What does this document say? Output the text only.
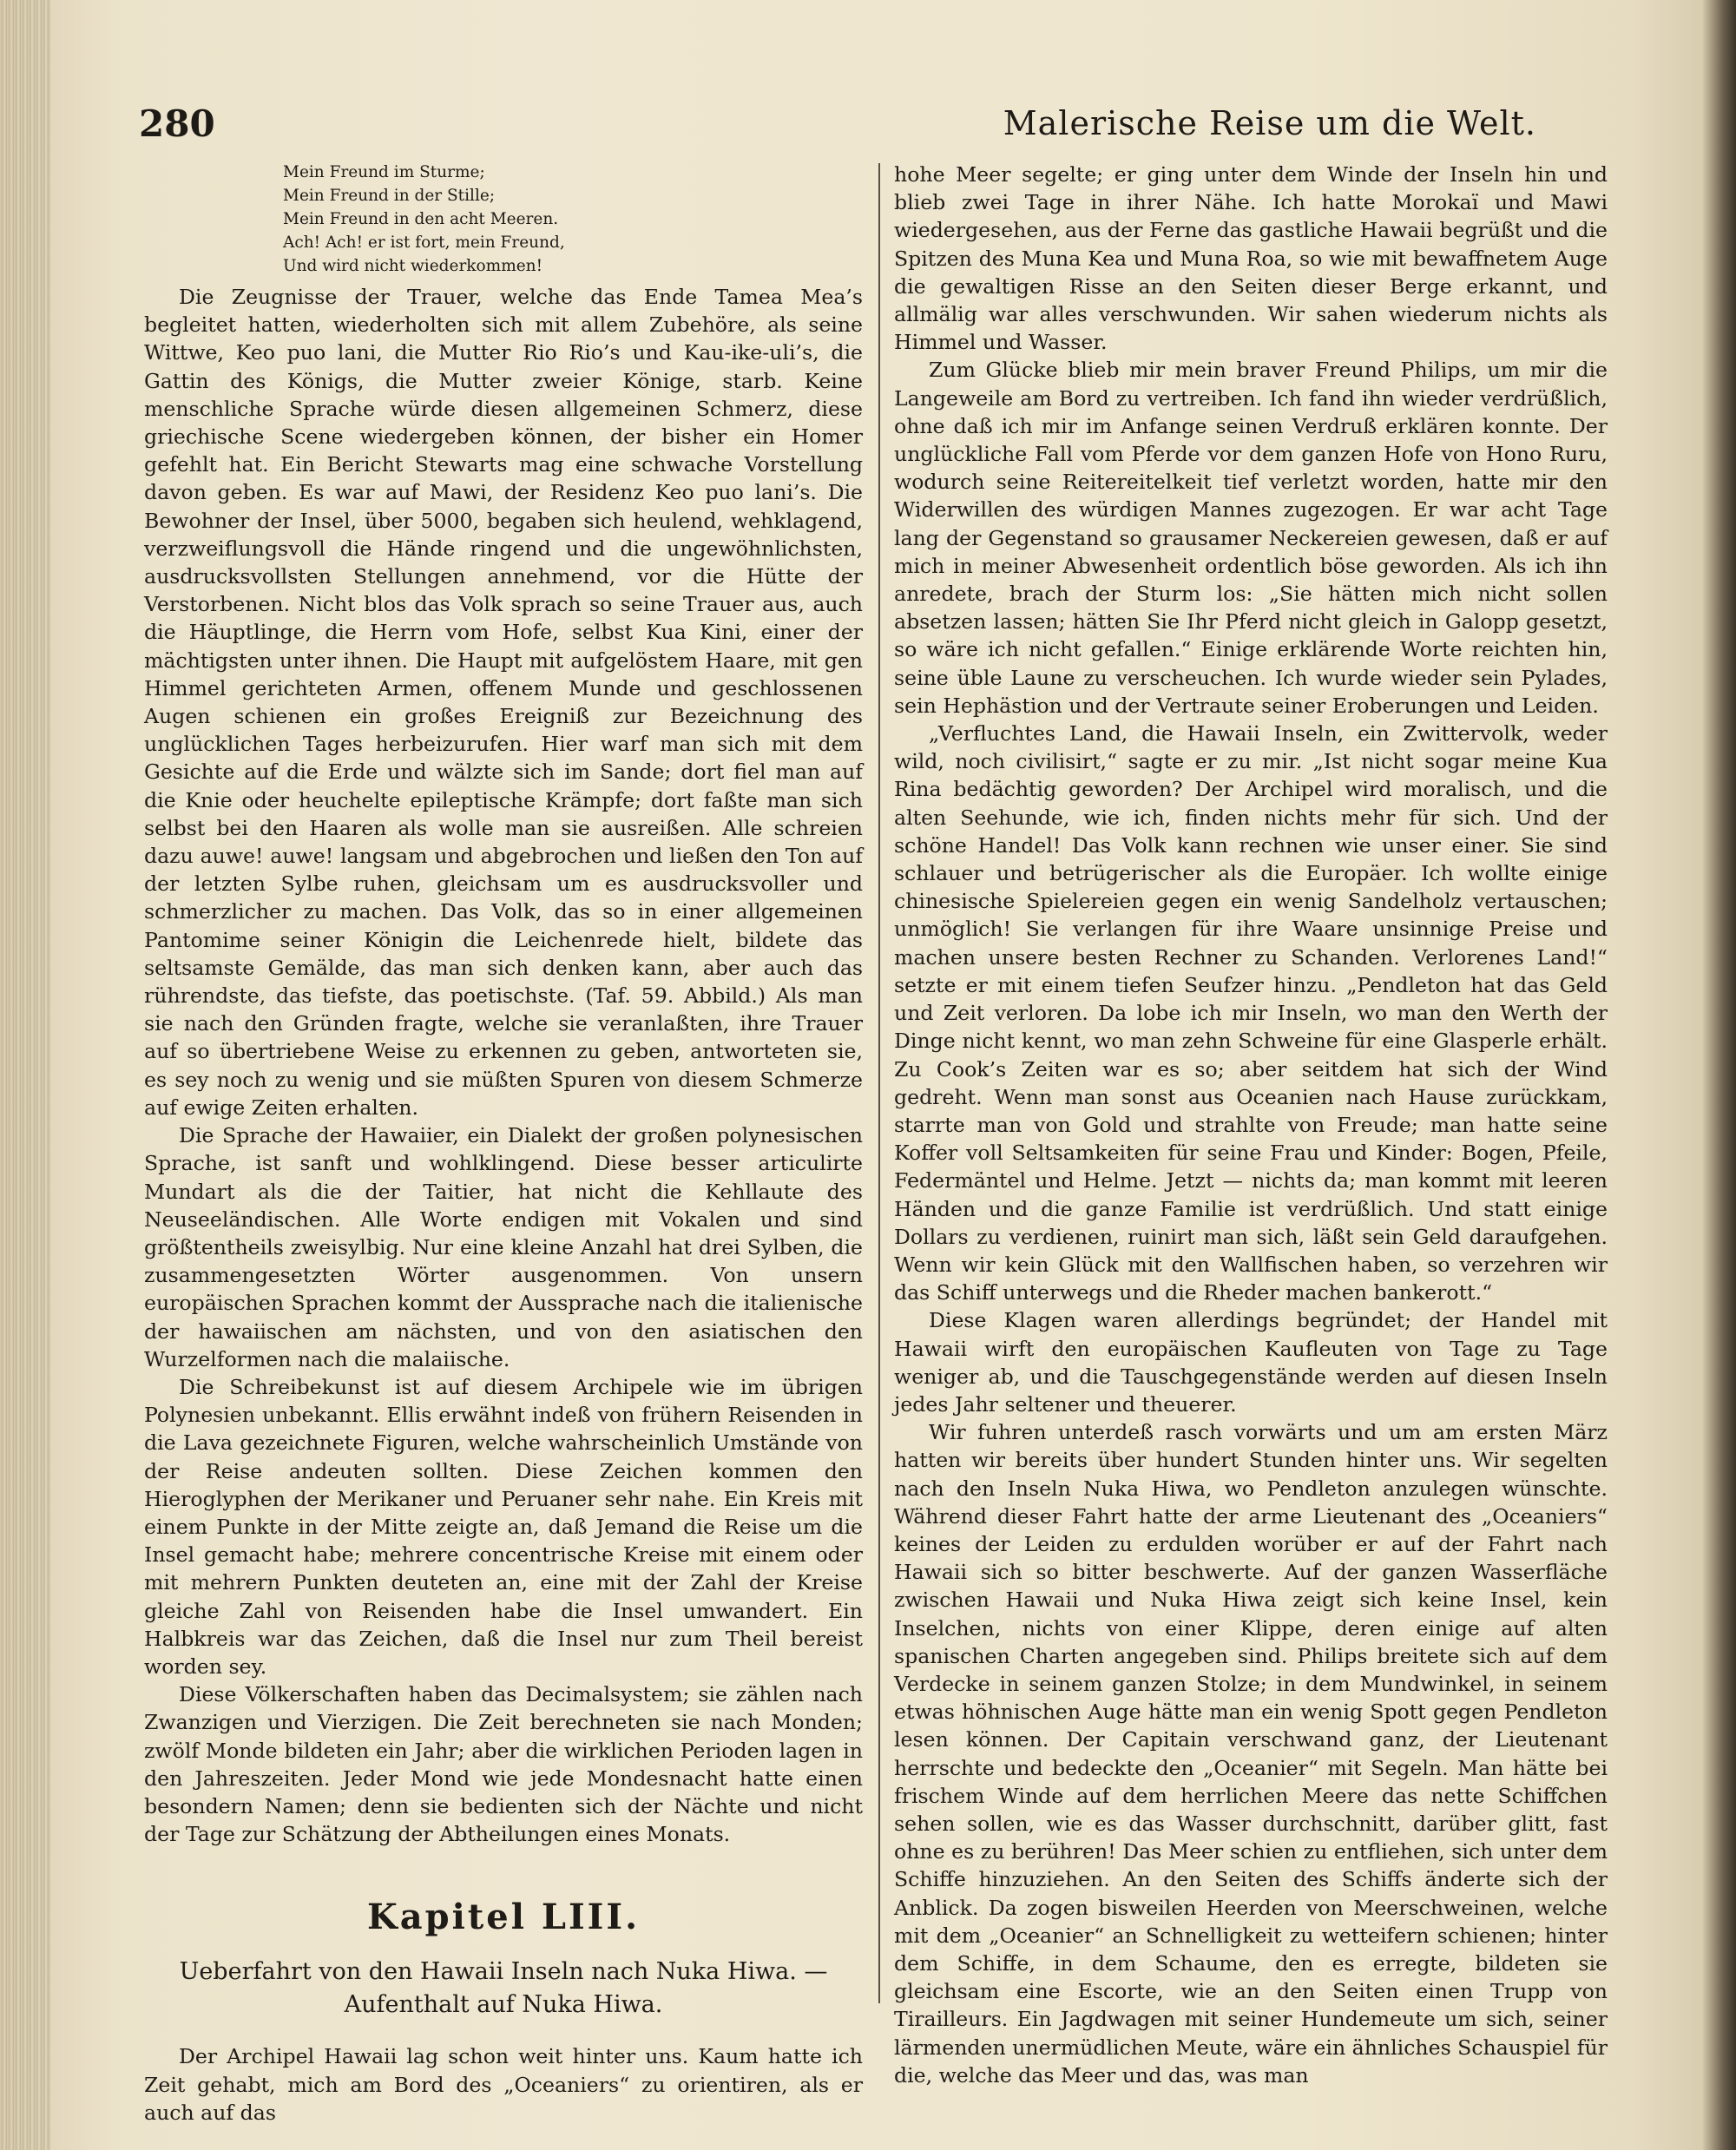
280	Malerische Reise um die Welt.
Mein Freund im Sturme;
Mein Freund in der Stille;
Mein Freund in den acht Meeren.
Ach! Ach! er ist fort, mein Freund,
Und wird nicht wiederkommen!

Die Zeugnisse der Trauer, welche das Ende Tamea Mea’s begleitet hatten, wiederholten sich mit allem Zubehöre, als seine Wittwe, Keo puo lani, die Mutter Rio Rio’s und Kau-ike-uli’s, die Gattin des Königs, die Mutter zweier Könige, starb. Keine menschliche Sprache würde diesen allgemeinen Schmerz, diese griechische Scene wiedergeben können, der bisher ein Homer gefehlt hat. Ein Bericht Stewarts mag eine schwache Vorstellung davon geben. Es war auf Mawi, der Residenz Keo puo lani’s. Die Bewohner der Insel, über 5000, begaben sich heulend, wehklagend, verzweiflungsvoll die Hände ringend und die ungewöhnlichsten, ausdrucksvollsten Stellungen annehmend, vor die Hütte der Verstorbenen. Nicht blos das Volk sprach so seine Trauer aus, auch die Häuptlinge, die Herrn vom Hofe, selbst Kua Kini, einer der mächtigsten unter ihnen. Die Haupt mit aufgelöstem Haare, mit gen Himmel gerichteten Armen, offenem Munde und geschlossenen Augen schienen ein großes Ereigniß zur Bezeichnung des unglücklichen Tages herbeizurufen. Hier warf man sich mit dem Gesichte auf die Erde und wälzte sich im Sande; dort fiel man auf die Knie oder heuchelte epileptische Krämpfe; dort faßte man sich selbst bei den Haaren als wolle man sie ausreißen. Alle schreien dazu auwe! auwe! langsam und abgebrochen und ließen den Ton auf der letzten Sylbe ruhen, gleichsam um es ausdrucksvoller und schmerzlicher zu machen. Das Volk, das so in einer allgemeinen Pantomime seiner Königin die Leichenrede hielt, bildete das seltsamste Gemälde, das man sich denken kann, aber auch das rührendste, das tiefste, das poetischste. (Taf. 59. Abbild.) Als man sie nach den Gründen fragte, welche sie veranlaßten, ihre Trauer auf so übertriebene Weise zu erkennen zu geben, antworteten sie, es sey noch zu wenig und sie müßten Spuren von diesem Schmerze auf ewige Zeiten erhalten.

Die Sprache der Hawaiier, ein Dialekt der großen polynesischen Sprache, ist sanft und wohlklingend. Diese besser articulirte Mundart als die der Taitier, hat nicht die Kehllaute des Neuseeländischen. Alle Worte endigen mit Vokalen und sind größtentheils zweisylbig. Nur eine kleine Anzahl hat drei Sylben, die zusammengesetzten Wörter ausgenommen. Von unsern europäischen Sprachen kommt der Aussprache nach die italienische der hawaiischen am nächsten, und von den asiatischen den Wurzelformen nach die malaiische.

Die Schreibekunst ist auf diesem Archipele wie im übrigen Polynesien unbekannt. Ellis erwähnt indeß von frühern Reisenden in die Lava gezeichnete Figuren, welche wahrscheinlich Umstände von der Reise andeuten sollten. Diese Zeichen kommen den Hieroglyphen der Merikaner und Peruaner sehr nahe. Ein Kreis mit einem Punkte in der Mitte zeigte an, daß Jemand die Reise um die Insel gemacht habe; mehrere concentrische Kreise mit einem oder mit mehrern Punkten deuteten an, eine mit der Zahl der Kreise gleiche Zahl von Reisenden habe die Insel umwandert. Ein Halbkreis war das Zeichen, daß die Insel nur zum Theil bereist worden sey.

Diese Völkerschaften haben das Decimalsystem; sie zählen nach Zwanzigen und Vierzigen. Die Zeit berechneten sie nach Monden; zwölf Monde bildeten ein Jahr; aber die wirklichen Perioden lagen in den Jahreszeiten. Jeder Mond wie jede Mondesnacht hatte einen besondern Namen; denn sie bedienten sich der Nächte und nicht der Tage zur Schätzung der Abtheilungen eines Monats.

Kapitel LIII.
Ueberfahrt von den Hawaii Inseln nach Nuka Hiwa. — Aufenthalt auf Nuka Hiwa.

Der Archipel Hawaii lag schon weit hinter uns. Kaum hatte ich Zeit gehabt, mich am Bord des „Oceaniers“ zu orientiren, als er auch auf das

hohe Meer segelte; er ging unter dem Winde der Inseln hin und blieb zwei Tage in ihrer Nähe. Ich hatte Morokaï und Mawi wiedergesehen, aus der Ferne das gastliche Hawaii begrüßt und die Spitzen des Muna Kea und Muna Roa, so wie mit bewaffnetem Auge die gewaltigen Risse an den Seiten dieser Berge erkannt, und allmälig war alles verschwunden. Wir sahen wiederum nichts als Himmel und Wasser.

Zum Glücke blieb mir mein braver Freund Philips, um mir die Langeweile am Bord zu vertreiben. Ich fand ihn wieder verdrüßlich, ohne daß ich mir im Anfange seinen Verdruß erklären konnte. Der unglückliche Fall vom Pferde vor dem ganzen Hofe von Hono Ruru, wodurch seine Reitereitelkeit tief verletzt worden, hatte mir den Widerwillen des würdigen Mannes zugezogen. Er war acht Tage lang der Gegenstand so grausamer Neckereien gewesen, daß er auf mich in meiner Abwesenheit ordentlich böse geworden. Als ich ihn anredete, brach der Sturm los: „Sie hätten mich nicht sollen absetzen lassen; hätten Sie Ihr Pferd nicht gleich in Galopp gesetzt, so wäre ich nicht gefallen.“ Einige erklärende Worte reichten hin, seine üble Laune zu verscheuchen. Ich wurde wieder sein Pylades, sein Hephästion und der Vertraute seiner Eroberungen und Leiden.

„Verfluchtes Land, die Hawaii Inseln, ein Zwittervolk, weder wild, noch civilisirt,“ sagte er zu mir. „Ist nicht sogar meine Kua Rina bedächtig geworden? Der Archipel wird moralisch, und die alten Seehunde, wie ich, finden nichts mehr für sich. Und der schöne Handel! Das Volk kann rechnen wie unser einer. Sie sind schlauer und betrügerischer als die Europäer. Ich wollte einige chinesische Spielereien gegen ein wenig Sandelholz vertauschen; unmöglich! Sie verlangen für ihre Waare unsinnige Preise und machen unsere besten Rechner zu Schanden. Verlorenes Land!“ setzte er mit einem tiefen Seufzer hinzu. „Pendleton hat das Geld und Zeit verloren. Da lobe ich mir Inseln, wo man den Werth der Dinge nicht kennt, wo man zehn Schweine für eine Glasperle erhält. Zu Cook’s Zeiten war es so; aber seitdem hat sich der Wind gedreht. Wenn man sonst aus Oceanien nach Hause zurückkam, starrte man von Gold und strahlte von Freude; man hatte seine Koffer voll Seltsamkeiten für seine Frau und Kinder: Bogen, Pfeile, Federmäntel und Helme. Jetzt — nichts da; man kommt mit leeren Händen und die ganze Familie ist verdrüßlich. Und statt einige Dollars zu verdienen, ruinirt man sich, läßt sein Geld daraufgehen. Wenn wir kein Glück mit den Wallfischen haben, so verzehren wir das Schiff unterwegs und die Rheder machen bankerott.“

Diese Klagen waren allerdings begründet; der Handel mit Hawaii wirft den europäischen Kaufleuten von Tage zu Tage weniger ab, und die Tauschgegenstände werden auf diesen Inseln jedes Jahr seltener und theuerer.

Wir fuhren unterdeß rasch vorwärts und um am ersten März hatten wir bereits über hundert Stunden hinter uns. Wir segelten nach den Inseln Nuka Hiwa, wo Pendleton anzulegen wünschte. Während dieser Fahrt hatte der arme Lieutenant des „Oceaniers“ keines der Leiden zu erdulden worüber er auf der Fahrt nach Hawaii sich so bitter beschwerte. Auf der ganzen Wasserfläche zwischen Hawaii und Nuka Hiwa zeigt sich keine Insel, kein Inselchen, nichts von einer Klippe, deren einige auf alten spanischen Charten angegeben sind. Philips breitete sich auf dem Verdecke in seinem ganzen Stolze; in dem Mundwinkel, in seinem etwas höhnischen Auge hätte man ein wenig Spott gegen Pendleton lesen können. Der Capitain verschwand ganz, der Lieutenant herrschte und bedeckte den „Oceanier“ mit Segeln. Man hätte bei frischem Winde auf dem herrlichen Meere das nette Schiffchen sehen sollen, wie es das Wasser durchschnitt, darüber glitt, fast ohne es zu berühren! Das Meer schien zu entfliehen, sich unter dem Schiffe hinzuziehen. An den Seiten des Schiffs änderte sich der Anblick. Da zogen bisweilen Heerden von Meerschweinen, welche mit dem „Oceanier“ an Schnelligkeit zu wetteifern schienen; hinter dem Schiffe, in dem Schaume, den es erregte, bildeten sie gleichsam eine Escorte, wie an den Seiten einen Trupp von Tirailleurs. Ein Jagdwagen mit seiner Hundemeute um sich, seiner lärmenden unermüdlichen Meute, wäre ein ähnliches Schauspiel für die, welche das Meer und das, was man
